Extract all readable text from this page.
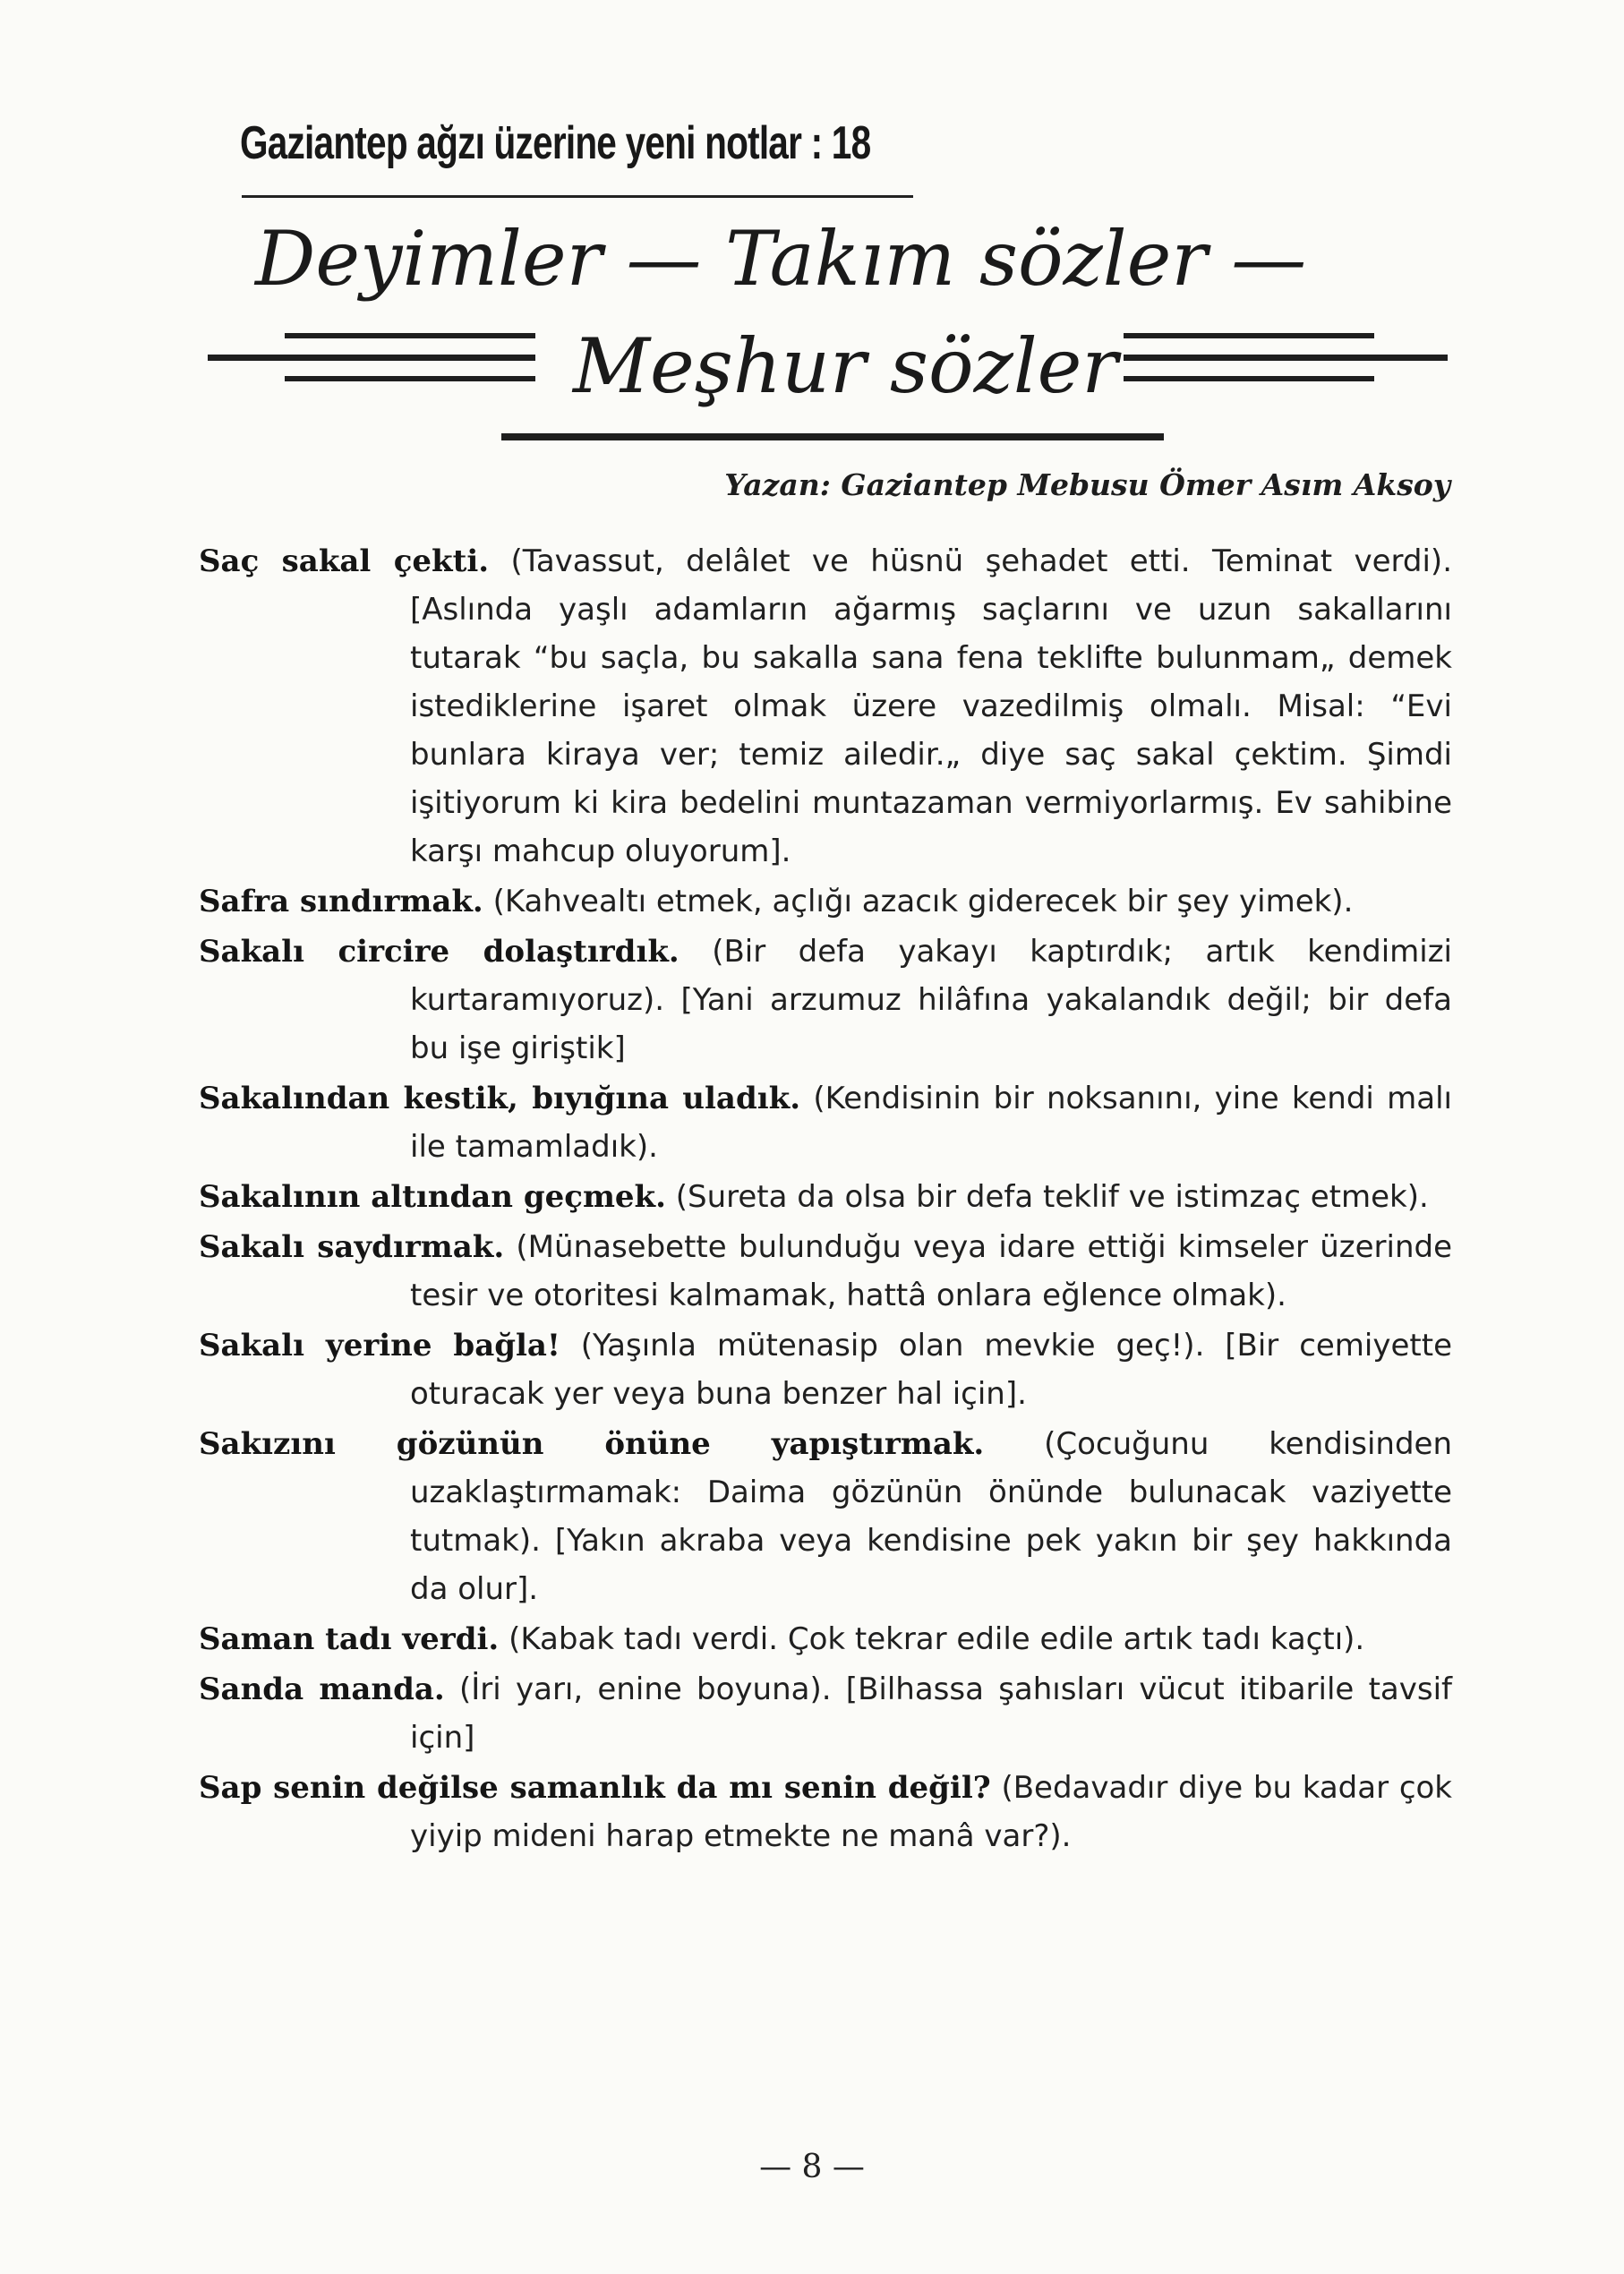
Gaziantep ağzı üzerine yeni notlar : 18
Deyimler — Takım sözler —
Meşhur sözler
Yazan: Gaziantep Mebusu Ömer Asım Aksoy

Saç sakal çekti. (Tavassut, delâlet ve hüsnü şehadet etti. Teminat verdi). [Aslında yaşlı adamların ağarmış saçlarını ve uzun sakallarını tutarak “bu saçla, bu sakalla sana fena teklifte bulunmam„ demek istediklerine işaret olmak üzere vazedilmiş olmalı. Misal: “Evi bunlara kiraya ver; temiz ailedir.„ diye saç sakal çektim. Şimdi işitiyorum ki kira bedelini muntazaman vermiyorlarmış. Ev sahibine karşı mahcup oluyorum].

Safra sındırmak. (Kahvealtı etmek, açlığı azacık giderecek bir şey yimek).

Sakalı circire dolaştırdık. (Bir defa yakayı kaptırdık; artık kendimizi kurtaramıyoruz). [Yani arzumuz hilâfına yakalandık değil; bir defa bu işe giriştik]

Sakalından kestik, bıyığına uladık. (Kendisinin bir noksanını, yine kendi malı ile tamamladık).

Sakalının altından geçmek. (Sureta da olsa bir defa teklif ve istimzaç etmek).

Sakalı saydırmak. (Münasebette bulunduğu veya idare ettiği kimseler üzerinde tesir ve otoritesi kalmamak, hattâ onlara eğlence olmak).

Sakalı yerine bağla! (Yaşınla mütenasip olan mevkie geç!). [Bir cemiyette oturacak yer veya buna benzer hal için].

Sakızını gözünün önüne yapıştırmak. (Çocuğunu kendisinden uzaklaştırmamak: Daima gözünün önünde bulunacak vaziyette tutmak). [Yakın akraba veya kendisine pek yakın bir şey hakkında da olur].

Saman tadı verdi. (Kabak tadı verdi. Çok tekrar edile edile artık tadı kaçtı).

Sanda manda. (İri yarı, enine boyuna). [Bilhassa şahısları vücut itibarile tavsif için]

Sap senin değilse samanlık da mı senin değil? (Bedavadır diye bu kadar çok yiyip mideni harap etmekte ne manâ var?).

— 8 —
